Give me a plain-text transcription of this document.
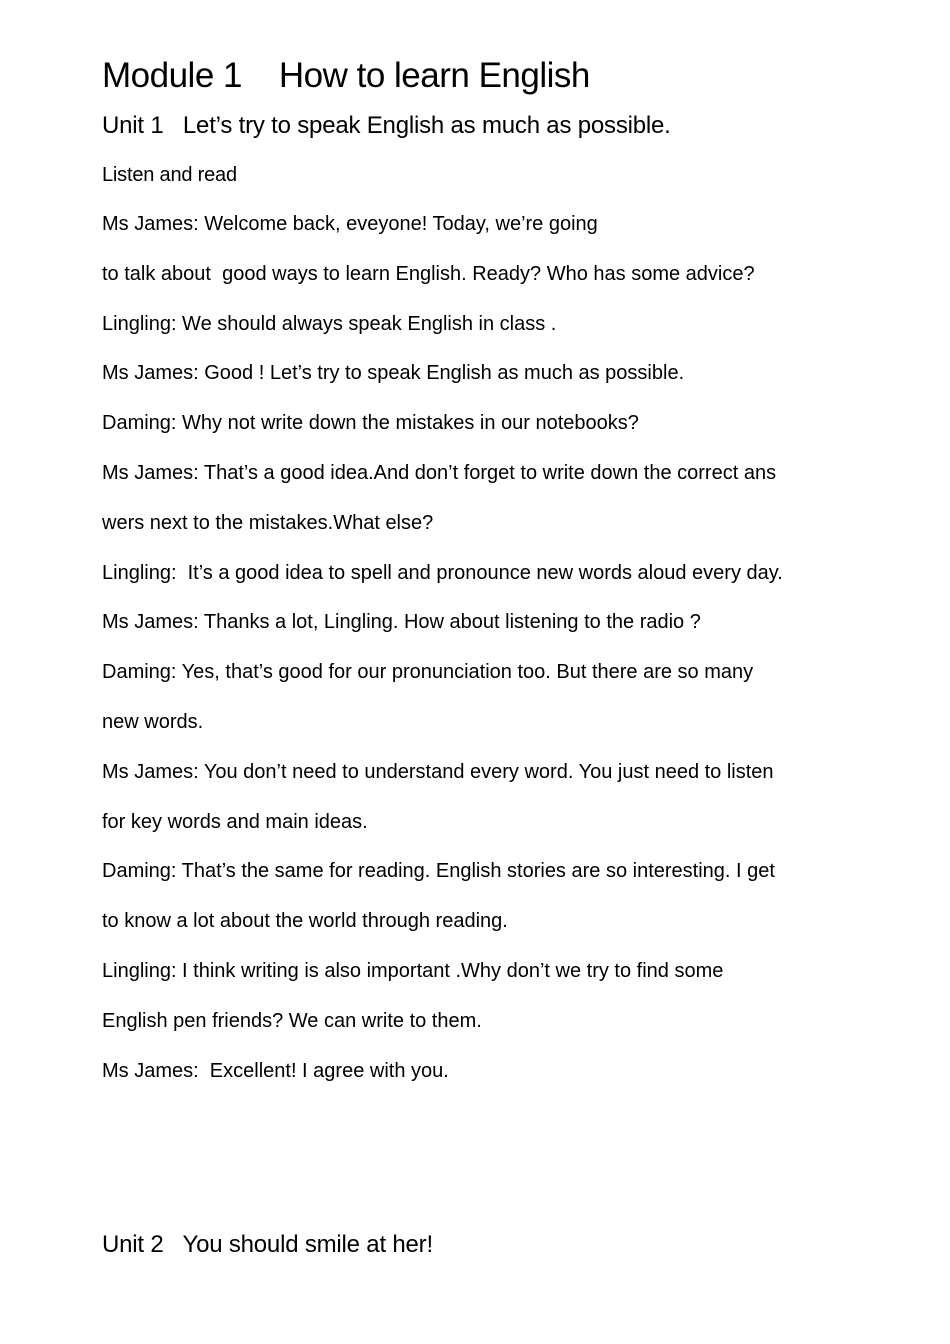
Module 1    How to learn English
Unit 1   Let’s try to speak English as much as possible.
Listen and read
Ms James: Welcome back, eveyone! Today, we’re going
to talk about  good ways to learn English. Ready? Who has some advice?
Lingling: We should always speak English in class .
Ms James: Good ! Let’s try to speak English as much as possible.
Daming: Why not write down the mistakes in our notebooks?
Ms James: That’s a good idea.And don’t forget to write down the correct ans
wers next to the mistakes.What else?
Lingling:  It’s a good idea to spell and pronounce new words aloud every day.
Ms James: Thanks a lot, Lingling. How about listening to the radio ?
Daming: Yes, that’s good for our pronunciation too. But there are so many
new words.
Ms James: You don’t need to understand every word. You just need to listen
for key words and main ideas.
Daming: That’s the same for reading. English stories are so interesting. I get
to know a lot about the world through reading.
Lingling: I think writing is also important .Why don’t we try to find some
English pen friends? We can write to them.
Ms James:  Excellent! I agree with you.
Unit 2   You should smile at her!
